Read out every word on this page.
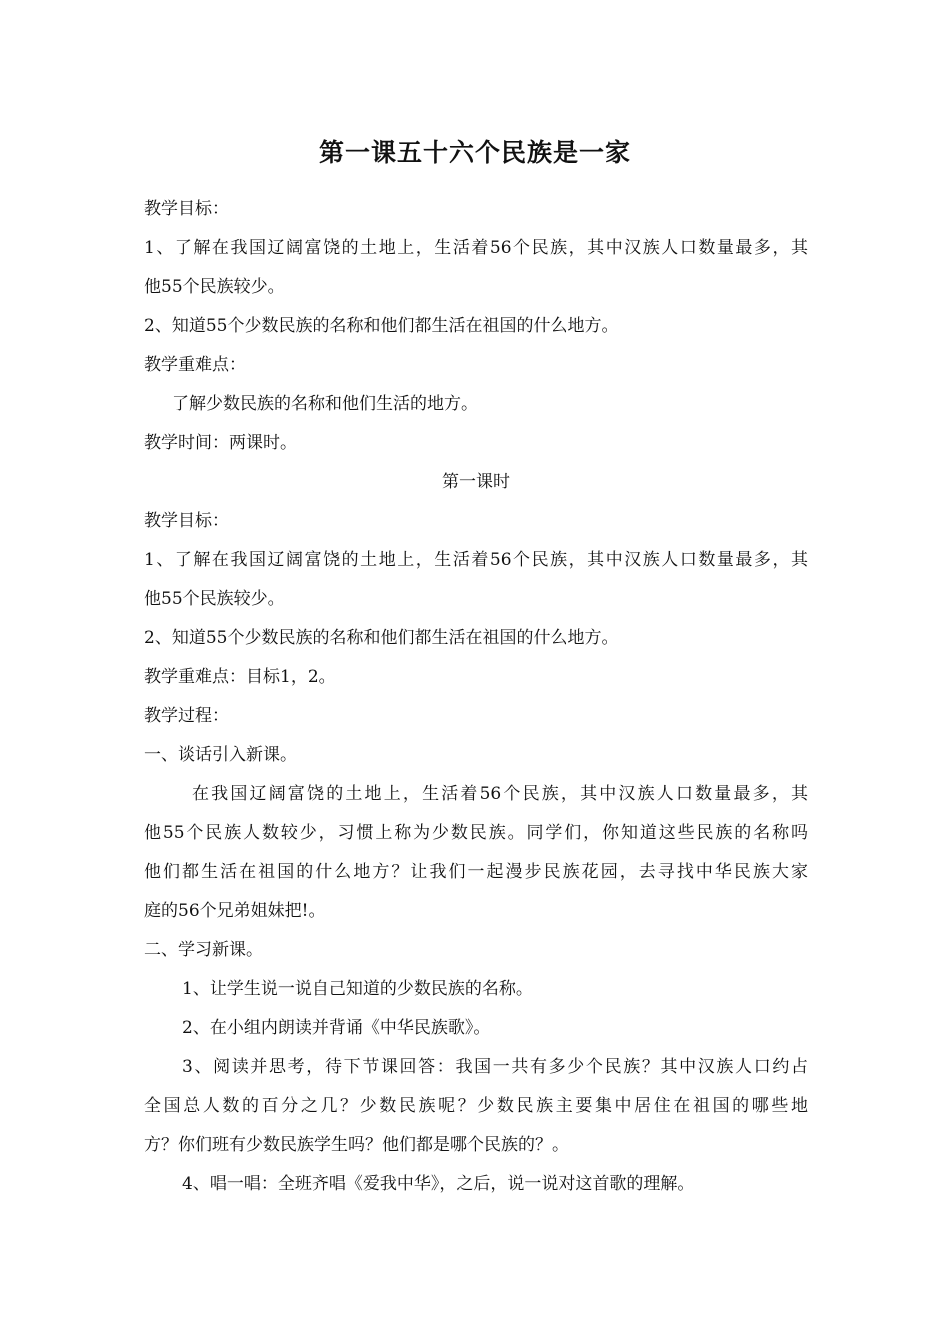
第一课五十六个民族是一家
教学目标：
1、了解在我国辽阔富饶的土地上，生活着56个民族，其中汉族人口数量最多，其
他55个民族较少。
2、知道55个少数民族的名称和他们都生活在祖国的什么地方。
教学重难点：
了解少数民族的名称和他们生活的地方。
教学时间：两课时。
第一课时
教学目标：
1、了解在我国辽阔富饶的土地上，生活着56个民族，其中汉族人口数量最多，其
他55个民族较少。
2、知道55个少数民族的名称和他们都生活在祖国的什么地方。
教学重难点：目标1，2。
教学过程：
一、谈话引入新课。
在我国辽阔富饶的土地上，生活着56个民族，其中汉族人口数量最多，其
他55个民族人数较少，习惯上称为少数民族。同学们，你知道这些民族的名称吗
他们都生活在祖国的什么地方？让我们一起漫步民族花园，去寻找中华民族大家
庭的56个兄弟姐妹把!。
二、学习新课。
1、让学生说一说自己知道的少数民族的名称。
2、在小组内朗读并背诵《中华民族歌》。
3、阅读并思考，待下节课回答：我国一共有多少个民族？其中汉族人口约占
全国总人数的百分之几？少数民族呢？少数民族主要集中居住在祖国的哪些地
方？你们班有少数民族学生吗？他们都是哪个民族的？。
4、唱一唱：全班齐唱《爱我中华》，之后，说一说对这首歌的理解。
